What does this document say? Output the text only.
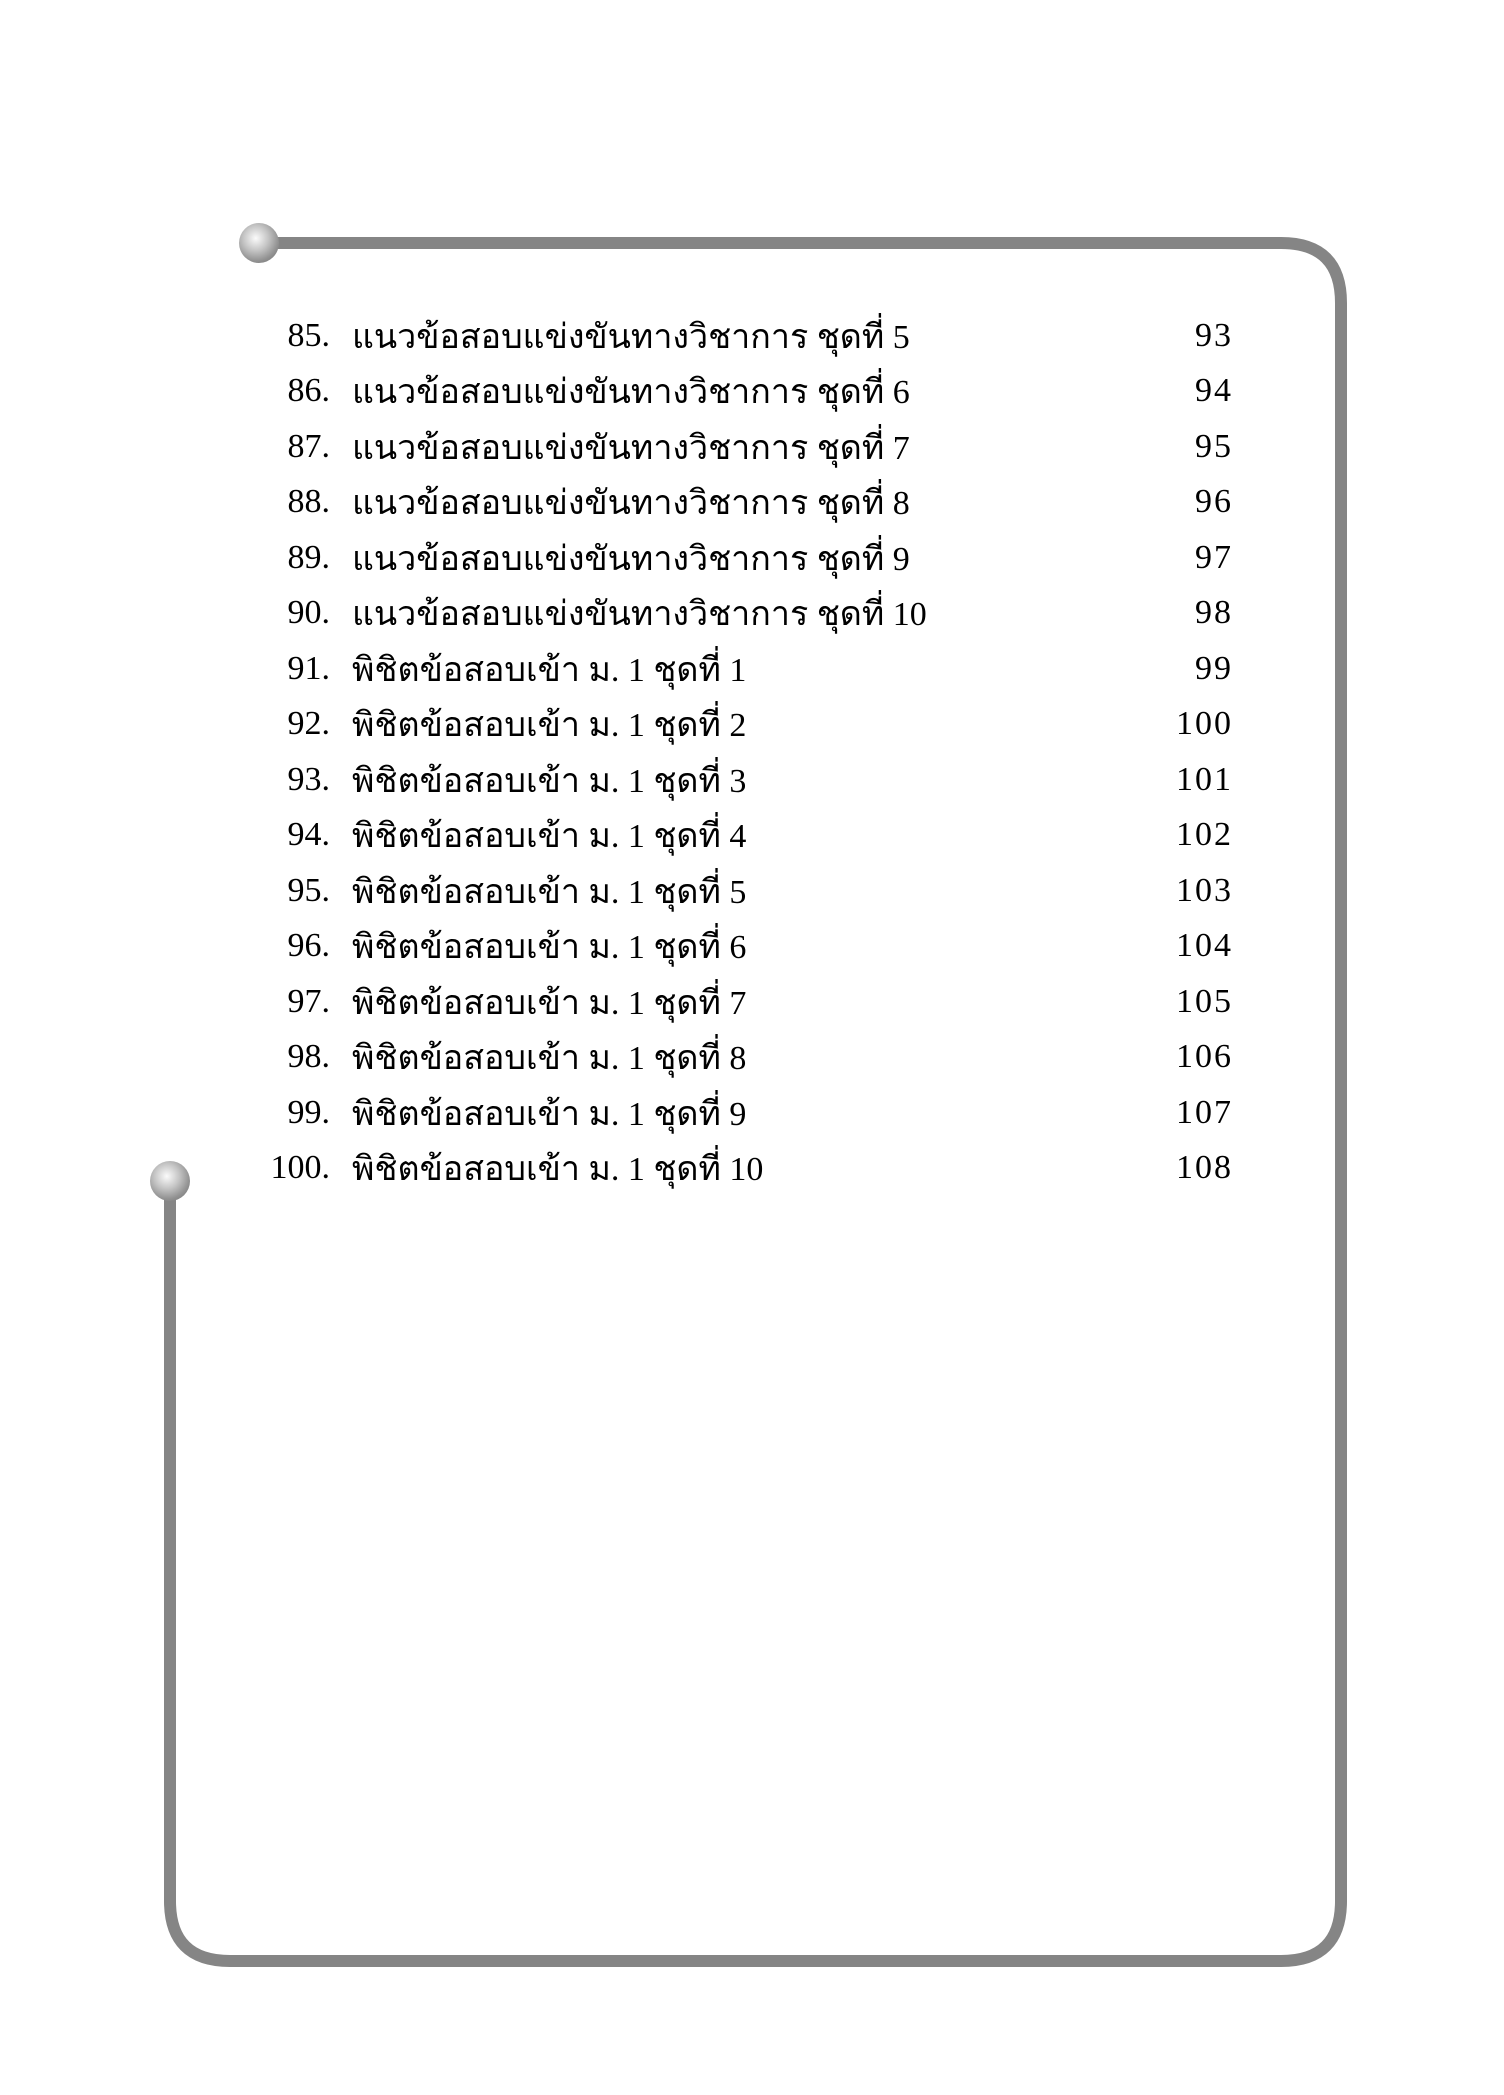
85. แนวข้อสอบแข่งขันทางวิชาการ ชุดที่ 5	93
86. แนวข้อสอบแข่งขันทางวิชาการ ชุดที่ 6	94
87. แนวข้อสอบแข่งขันทางวิชาการ ชุดที่ 7	95
88. แนวข้อสอบแข่งขันทางวิชาการ ชุดที่ 8	96
89. แนวข้อสอบแข่งขันทางวิชาการ ชุดที่ 9	97
90. แนวข้อสอบแข่งขันทางวิชาการ ชุดที่ 10	98
91. พิชิตข้อสอบเข้า ม. 1 ชุดที่ 1	99
92. พิชิตข้อสอบเข้า ม. 1 ชุดที่ 2	100
93. พิชิตข้อสอบเข้า ม. 1 ชุดที่ 3	101
94. พิชิตข้อสอบเข้า ม. 1 ชุดที่ 4	102
95. พิชิตข้อสอบเข้า ม. 1 ชุดที่ 5	103
96. พิชิตข้อสอบเข้า ม. 1 ชุดที่ 6	104
97. พิชิตข้อสอบเข้า ม. 1 ชุดที่ 7	105
98. พิชิตข้อสอบเข้า ม. 1 ชุดที่ 8	106
99. พิชิตข้อสอบเข้า ม. 1 ชุดที่ 9	107
100. พิชิตข้อสอบเข้า ม. 1 ชุดที่ 10	108
